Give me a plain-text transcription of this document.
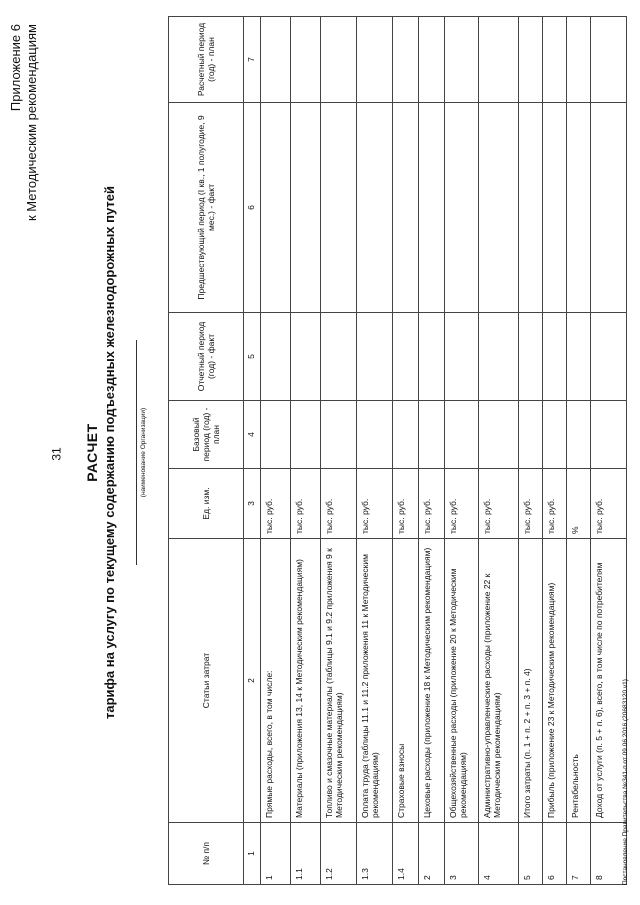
31
Приложение 6 к Методическим рекомендациям
РАСЧЕТ тарифа на услугу по текущему содержанию подъездных железнодорожных путей	(наименование Организации)
№ п/п	Статьи затрат	Ед. изм.	Базовый период (год) - план	Отчетный период (год) - факт	Предшествующий период (I кв., 1 полугодие, 9 мес.) - факт	Расчетный период (год) - план
1	2	3	4	5	6	7
1	Прямые расходы, всего, в том числе:	тыс. руб.				
1.1	Материалы (приложения 13, 14 к Методическим рекомендациям)	тыс. руб.				
1.2	Топливо и смазочные материалы (таблицы 9.1 и 9.2 приложения 9 к Методическим рекомендациям)	тыс. руб.				
1.3	Оплата труда (таблицы 11.1 и 11.2 приложения 11 к Методическим рекомендациям)	тыс. руб.				
1.4	Страховые взносы	тыс. руб.				
2	Цеховые расходы (приложение 18 к Методическим рекомендациям)	тыс. руб.				
3	Общехозяйственные расходы (приложение 20 к Методическим рекомендациям)	тыс. руб.				
4	Административно-управленческие расходы (приложение 22 к Методическим рекомендациям)	тыс. руб.				
5	Итого затраты (п. 1 + п. 2 + п. 3 + п. 4)	тыс. руб.				
6	Прибыль (приложение 23 к Методическим рекомендациям)	тыс. руб.				
7	Рентабельность	%				
8	Доход от услуги (п. 5 + п. 6), всего, в том числе по потребителям	тыс. руб.				
Постановление Правительства №341-п от 09.06.2016 (20683120 v1)
